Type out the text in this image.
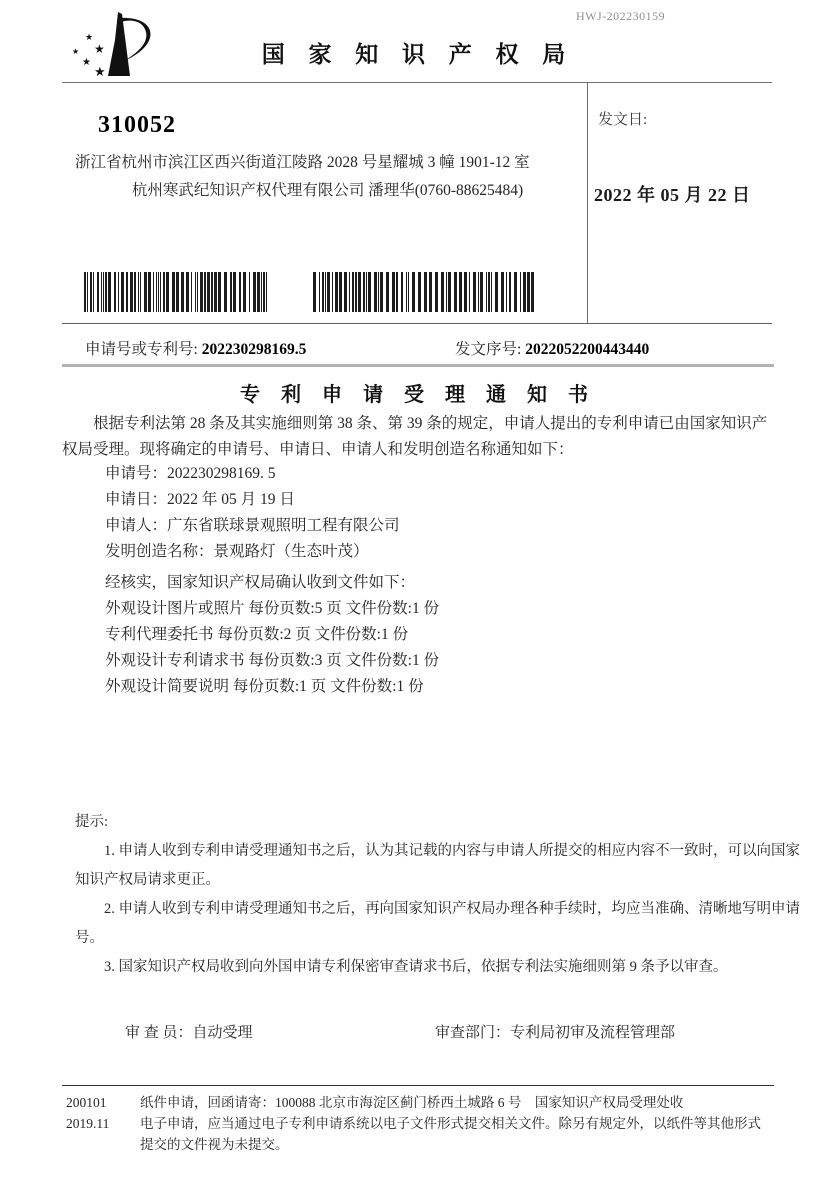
HWJ-202230159
★
★
★
★
★
国 家 知 识 产 权 局
310052
浙江省杭州市滨江区西兴街道江陵路 2028 号星耀城 3 幢 1901-12 室
杭州寒武纪知识产权代理有限公司 潘理华(0760-88625484)
发文日:
2022 年 05 月 22 日
申请号或专利号: 202230298169.5	发文序号: 2022052200443440
专 利 申 请 受 理 通 知 书
根据专利法第 28 条及其实施细则第 38 条、第 39 条的规定，申请人提出的专利申请已由国家知识产权局受理。现将确定的申请号、申请日、申请人和发明创造名称通知如下：
申请号：202230298169. 5
申请日：2022 年 05 月 19 日
申请人：广东省联球景观照明工程有限公司
发明创造名称：景观路灯（生态叶茂）
经核实，国家知识产权局确认收到文件如下：
外观设计图片或照片 每份页数:5 页 文件份数:1 份
专利代理委托书 每份页数:2 页 文件份数:1 份
外观设计专利请求书 每份页数:3 页 文件份数:1 份
外观设计简要说明 每份页数:1 页 文件份数:1 份
提示:
1. 申请人收到专利申请受理通知书之后，认为其记载的内容与申请人所提交的相应内容不一致时，可以向国家知识产权局请求更正。
2. 申请人收到专利申请受理通知书之后，再向国家知识产权局办理各种手续时，均应当准确、清晰地写明申请号。
3. 国家知识产权局收到向外国申请专利保密审查请求书后，依据专利法实施细则第 9 条予以审查。
审 查 员：自动受理	审查部门：专利局初审及流程管理部
200101	纸件申请，回函请寄：100088 北京市海淀区蓟门桥西土城路 6 号　国家知识产权局受理处收
2019.11	电子申请，应当通过电子专利申请系统以电子文件形式提交相关文件。除另有规定外，以纸件等其他形式提交的文件视为未提交。
